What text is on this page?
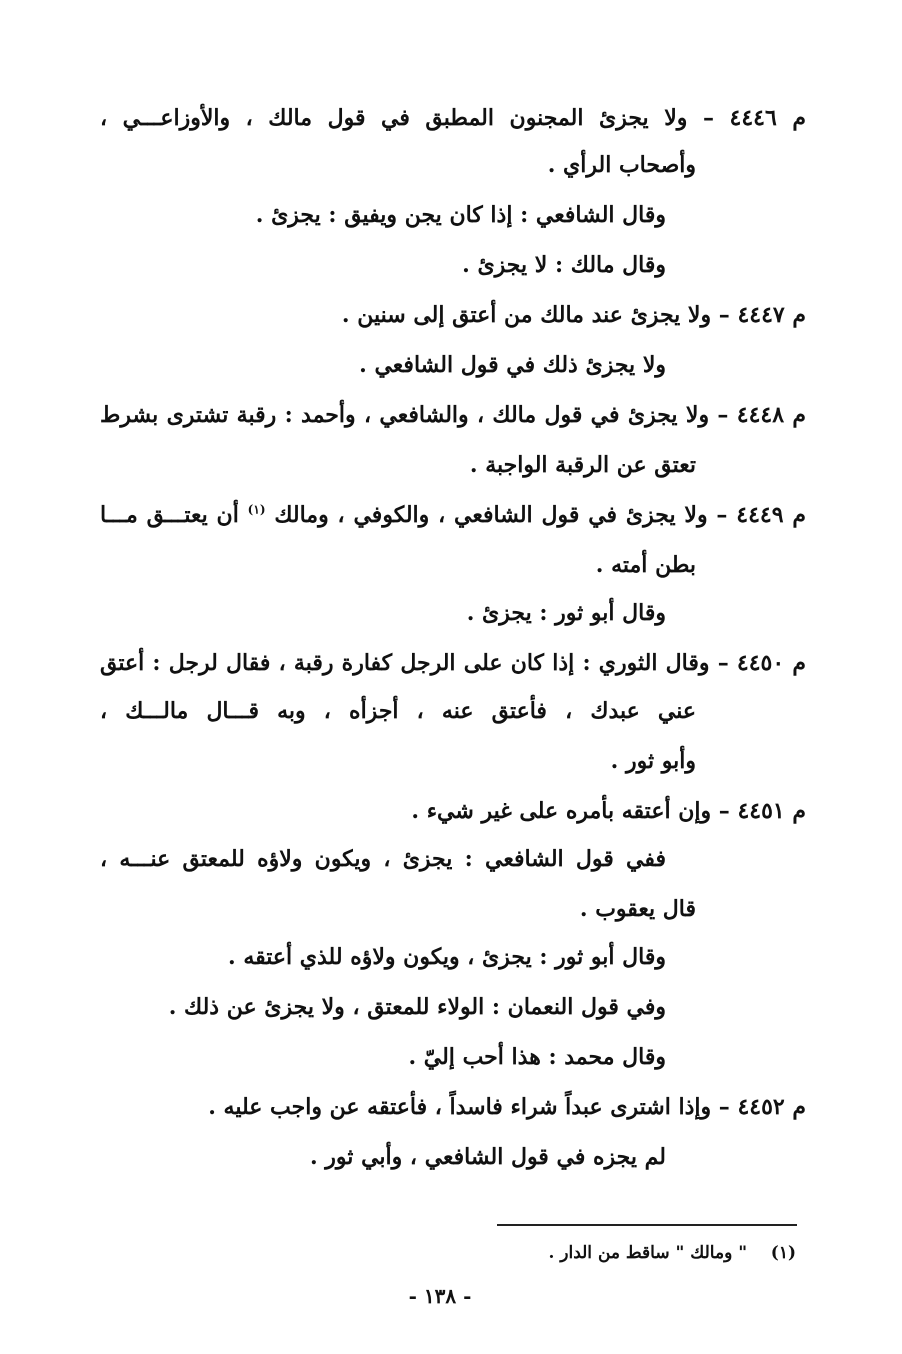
م ٤٤٤٦ – ولا يجزئ المجنون المطبق في قول مالك ، والأوزاعـــي ،
وأصحاب الرأي .
وقال الشافعي : إذا كان يجن ويفيق : يجزئ .
وقال مالك : لا يجزئ .
م ٤٤٤٧ – ولا يجزئ عند مالك من أعتق إلى سنين .
ولا يجزئ ذلك في قول الشافعي .
م ٤٤٤٨ – ولا يجزئ في قول مالك ، والشافعي ، وأحمد : رقبة تشترى بشرط
تعتق عن الرقبة الواجبة .
م ٤٤٤٩ – ولا يجزئ في قول الشافعي ، والكوفي ، ومالك $^{(١)}$ أن يعتـــق مـــا
بطن أمته .
وقال أبو ثور : يجزئ .
م ٤٤٥٠ – وقال الثوري : إذا كان على الرجل كفارة رقبة ، فقال لرجل : أعتق
عني عبدك ، فأعتق عنه ، أجزأه ، وبه قـــال مالـــك ،
وأبو ثور .
م ٤٤٥١ – وإن أعتقه بأمره على غير شيء .
ففي قول الشافعي : يجزئ ، ويكون ولاؤه للمعتق عنـــه ،
قال يعقوب .
وقال أبو ثور : يجزئ ، ويكون ولاؤه للذي أعتقه .
وفي قول النعمان : الولاء للمعتق ، ولا يجزئ عن ذلك .
وقال محمد : هذا أحب إليّ .
م ٤٤٥٢ – وإذا اشترى عبداً شراء فاسداً ، فأعتقه عن واجب عليه .
لم يجزه في قول الشافعي ، وأبي ثور .
(١)    " ومالك " ساقط من الدار .
- ١٣٨ -
